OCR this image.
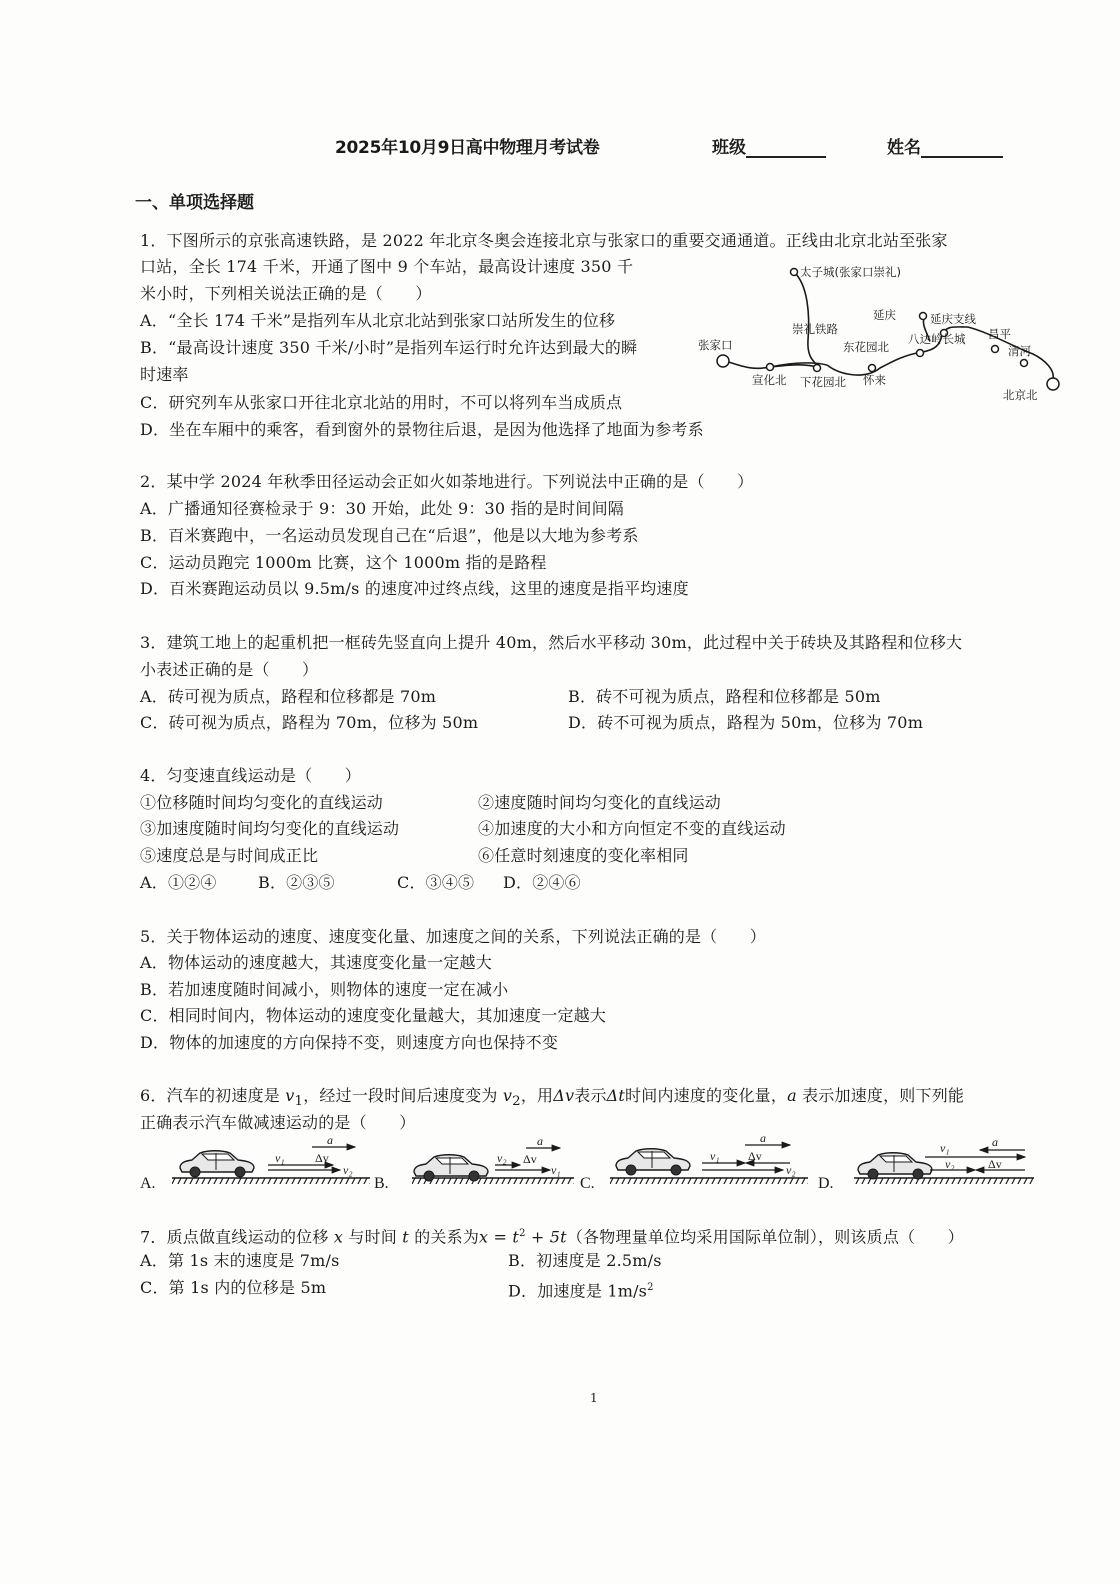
2025年10月9日高中物理月考试卷	班级	姓名
一、单项选择题
1．下图所示的京张高速铁路，是 2022 年北京冬奥会连接北京与张家口的重要交通通道。正线由北京北站至张家
口站，全长 174 千米，开通了图中 9 个车站，最高设计速度 350 千
米小时，下列相关说法正确的是（　　）
A．“全长 174 千米”是指列车从北京北站到张家口站所发生的位移
B．“最高设计速度 350 千米/小时”是指列车运行时允许达到最大的瞬
时速率
C．研究列车从张家口开往北京北站的用时，不可以将列车当成质点
D．坐在车厢中的乘客，看到窗外的景物往后退，是因为他选择了地面为参考系
太子城(张家口崇礼)
张家口
宣化北 下花园北 怀来
东花园北
八达岭长城
延庆
昌平
清河
北京北
崇礼铁路
延庆支线
2．某中学 2024 年秋季田径运动会正如火如荼地进行。下列说法中正确的是（　　）
A．广播通知径赛检录于 9：30 开始，此处 9：30 指的是时间间隔
B．百米赛跑中，一名运动员发现自己在“后退”，他是以大地为参考系
C．运动员跑完 1000m 比赛，这个 1000m 指的是路程
D．百米赛跑运动员以 9.5m/s 的速度冲过终点线，这里的速度是指平均速度
3．建筑工地上的起重机把一框砖先竖直向上提升 40m，然后水平移动 30m，此过程中关于砖块及其路程和位移大
小表述正确的是（　　）
A．砖可视为质点，路程和位移都是 70m	B．砖不可视为质点，路程和位移都是 50m
C．砖可视为质点，路程为 70m，位移为 50m	D．砖不可视为质点，路程为 50m，位移为 70m
4．匀变速直线运动是（　　）
①位移随时间均匀变化的直线运动	②速度随时间均匀变化的直线运动
③加速度随时间均匀变化的直线运动	④加速度的大小和方向恒定不变的直线运动
⑤速度总是与时间成正比	⑥任意时刻速度的变化率相同
A．①②④	B．②③⑤	C．③④⑤ D．②④⑥
5．关于物体运动的速度、速度变化量、加速度之间的关系，下列说法正确的是（　　）
A．物体运动的速度越大，其速度变化量一定越大
B．若加速度随时间减小，则物体的速度一定在减小
C．相同时间内，物体运动的速度变化量越大，其加速度一定越大
D．物体的加速度的方向保持不变，则速度方向也保持不变
6．汽车的初速度是 $v_1$，经过一段时间后速度变为 $v_2$，用Δv表示Δt时间内速度的变化量，a 表示加速度，则下列能
正确表示汽车做减速运动的是（　　）
A.
v₁	Δv
a
v₂
B.
v₂ Δv
a
v₁
C.
v₁ Δv
a
v₂
D.
v₁	a
v₂	Δv
7．质点做直线运动的位移 x 与时间 t 的关系为$x = t^2 + 5t$（各物理量单位均采用国际单位制），则该质点（　　）
A．第 1s 末的速度是 7m/s	B．初速度是 2.5m/s
C．第 1s 内的位移是 5m	D．加速度是 $1m/s^2$
1
